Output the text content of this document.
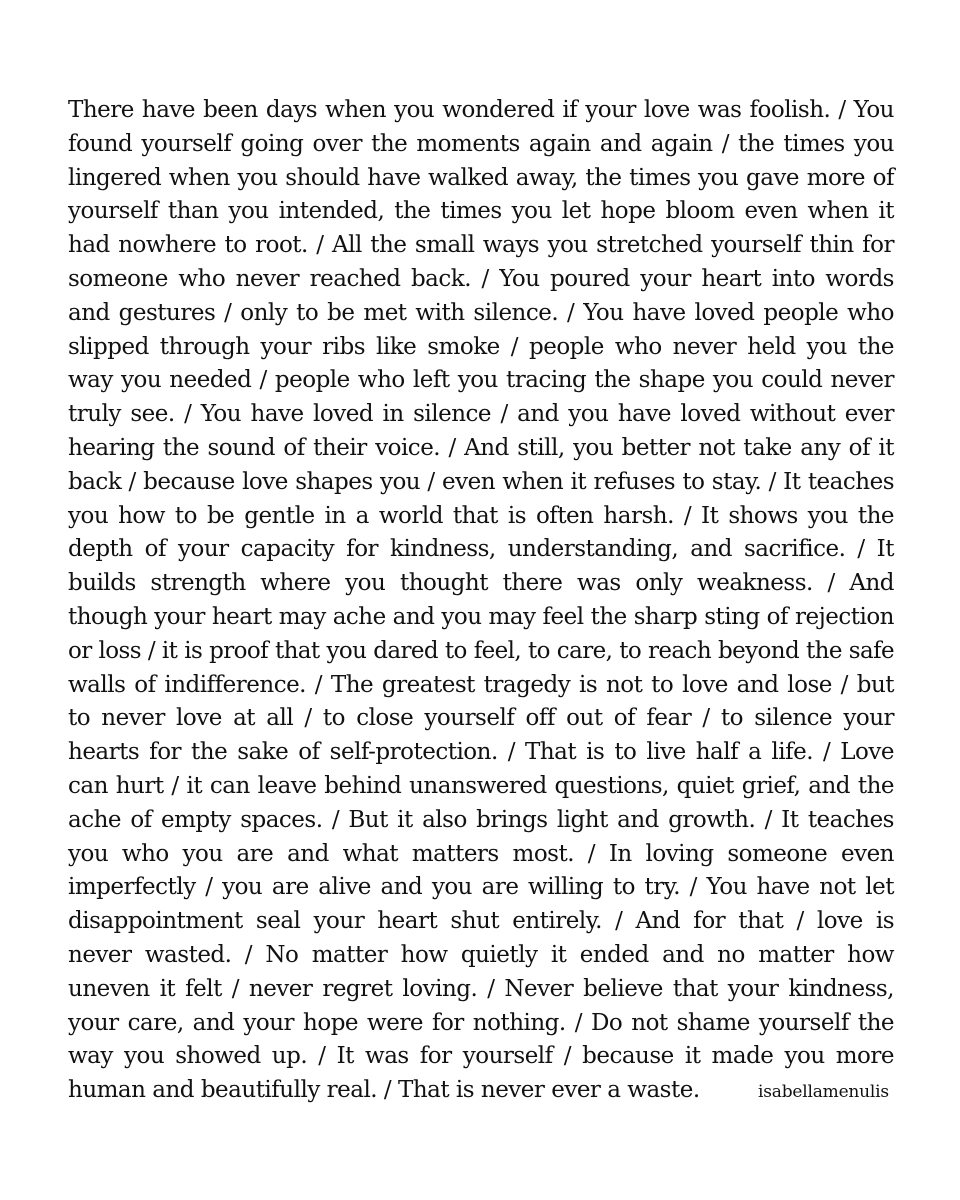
There have been days when you wondered if your love was foolish. / You
found yourself going over the moments again and again / the times you
lingered when you should have walked away, the times you gave more of
yourself than you intended, the times you let hope bloom even when it
had nowhere to root. / All the small ways you stretched yourself thin for
someone who never reached back. / You poured your heart into words
and gestures / only to be met with silence. / You have loved people who
slipped through your ribs like smoke / people who never held you the
way you needed / people who left you tracing the shape you could never
truly see. / You have loved in silence / and you have loved without ever
hearing the sound of their voice. / And still, you better not take any of it
back / because love shapes you / even when it refuses to stay. / It teaches
you how to be gentle in a world that is often harsh. / It shows you the
depth of your capacity for kindness, understanding, and sacrifice. / It
builds strength where you thought there was only weakness. / And
though your heart may ache and you may feel the sharp sting of rejection
or loss / it is proof that you dared to feel, to care, to reach beyond the safe
walls of indifference. / The greatest tragedy is not to love and lose / but
to never love at all / to close yourself off out of fear / to silence your
hearts for the sake of self-protection. / That is to live half a life. / Love
can hurt / it can leave behind unanswered questions, quiet grief, and the
ache of empty spaces. / But it also brings light and growth. / It teaches
you who you are and what matters most. / In loving someone even
imperfectly / you are alive and you are willing to try. / You have not let
disappointment seal your heart shut entirely. / And for that / love is
never wasted. / No matter how quietly it ended and no matter how
uneven it felt / never regret loving. / Never believe that your kindness,
your care, and your hope were for nothing. / Do not shame yourself the
way you showed up. / It was for yourself / because it made you more
human and beautifully real. / That is never ever a waste.	isabellamenulis
